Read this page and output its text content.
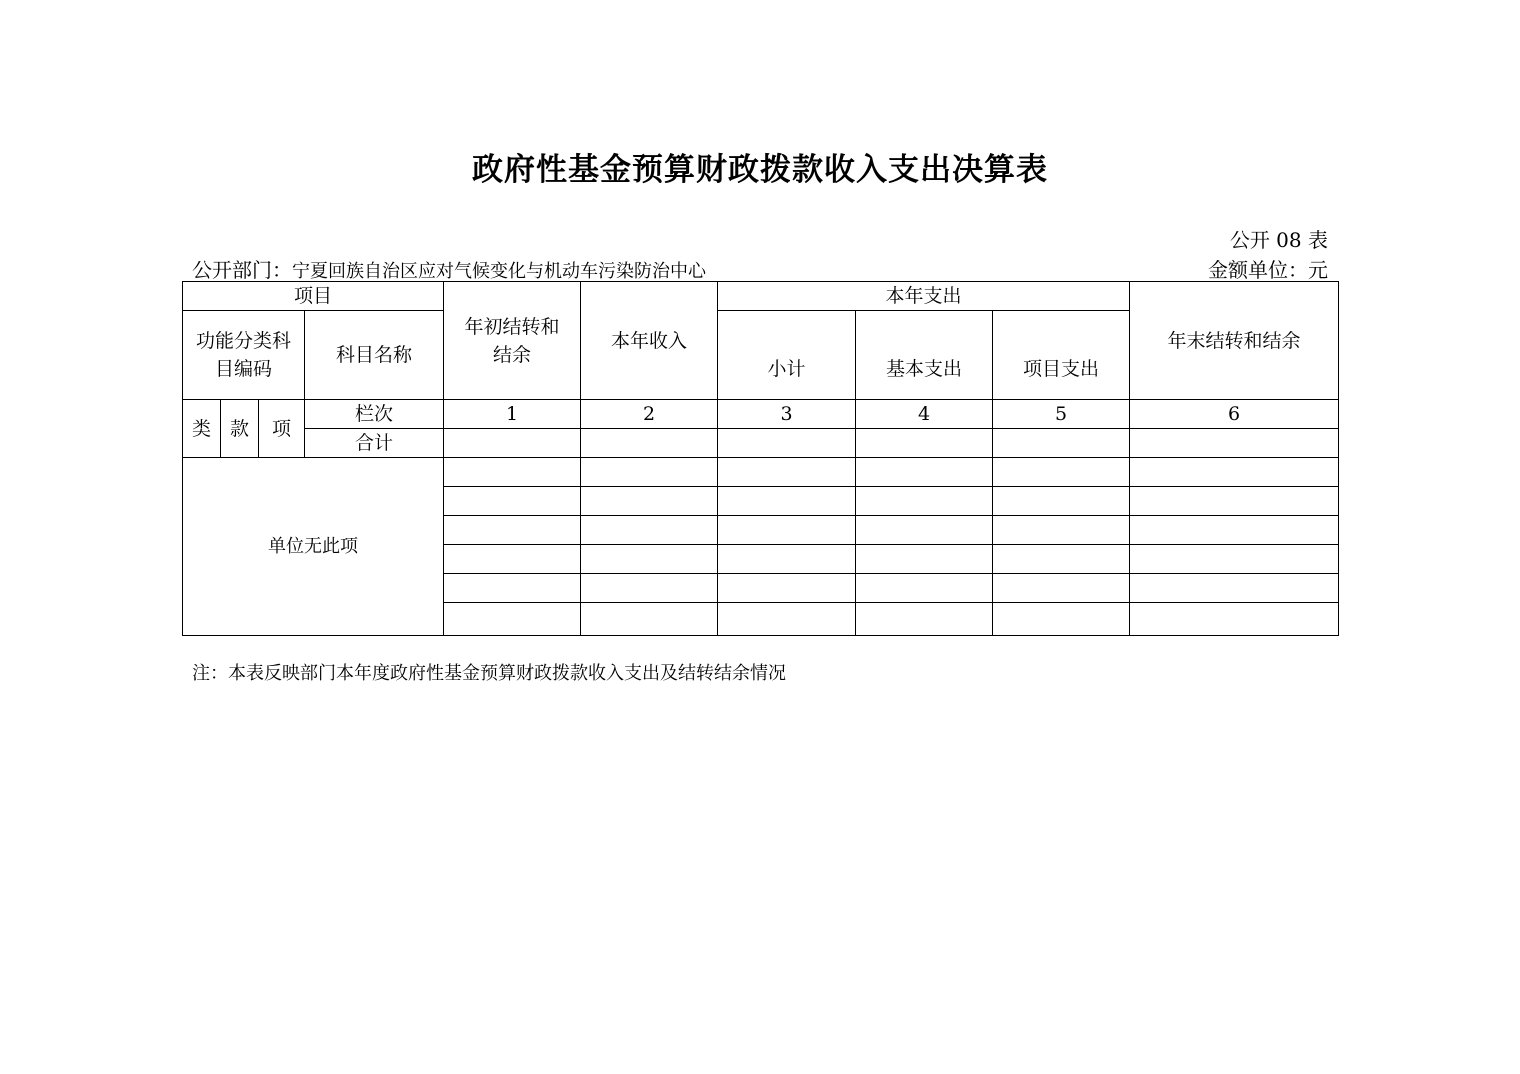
政府性基金预算财政拨款收入支出决算表
公开 08 表
公开部门：宁夏回族自治区应对气候变化与机动车污染防治中心	金额单位：元
项目				年初结转和结余	本年收入	本年支出			年末结转和结余
功能分类科目编码			科目名称			小计	基本支出	项目支出	
类	款	项	栏次	1	2	3	4	5	6
			合计						
单位无此项									

注：本表反映部门本年度政府性基金预算财政拨款收入支出及结转结余情况
